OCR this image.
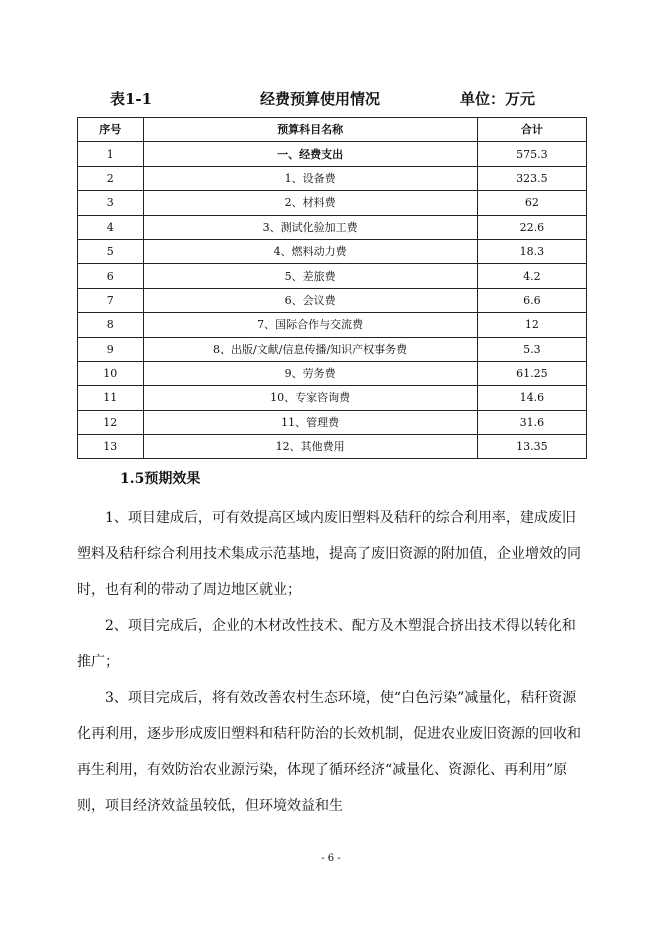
表1-1	经费预算使用情况	单位：万元
序号	预算科目名称	合计
1	一、经费支出	575.3
2	1、设备费	323.5
3	2、材料费	62
4	3、测试化验加工费	22.6
5	4、燃料动力费	18.3
6	5、差旅费	4.2
7	6、会议费	6.6
8	7、国际合作与交流费	12
9	8、出版/文献/信息传播/知识产权事务费	5.3
10	9、劳务费	61.25
11	10、专家咨询费	14.6
12	11、管理费	31.6
13	12、其他费用	13.35
1.5预期效果

1、项目建成后，可有效提高区域内废旧塑料及秸秆的综合利用率，建成废旧塑料及秸秆综合利用技术集成示范基地，提高了废旧资源的附加值，企业增效的同时，也有利的带动了周边地区就业；

2、项目完成后，企业的木材改性技术、配方及木塑混合挤出技术得以转化和推广；

3、项目完成后，将有效改善农村生态环境，使“白色污染”减量化，秸秆资源化再利用，逐步形成废旧塑料和秸秆防治的长效机制，促进农业废旧资源的回收和再生利用，有效防治农业源污染，体现了循环经济“减量化、资源化、再利用”原则，项目经济效益虽较低，但环境效益和生

- 6 -
